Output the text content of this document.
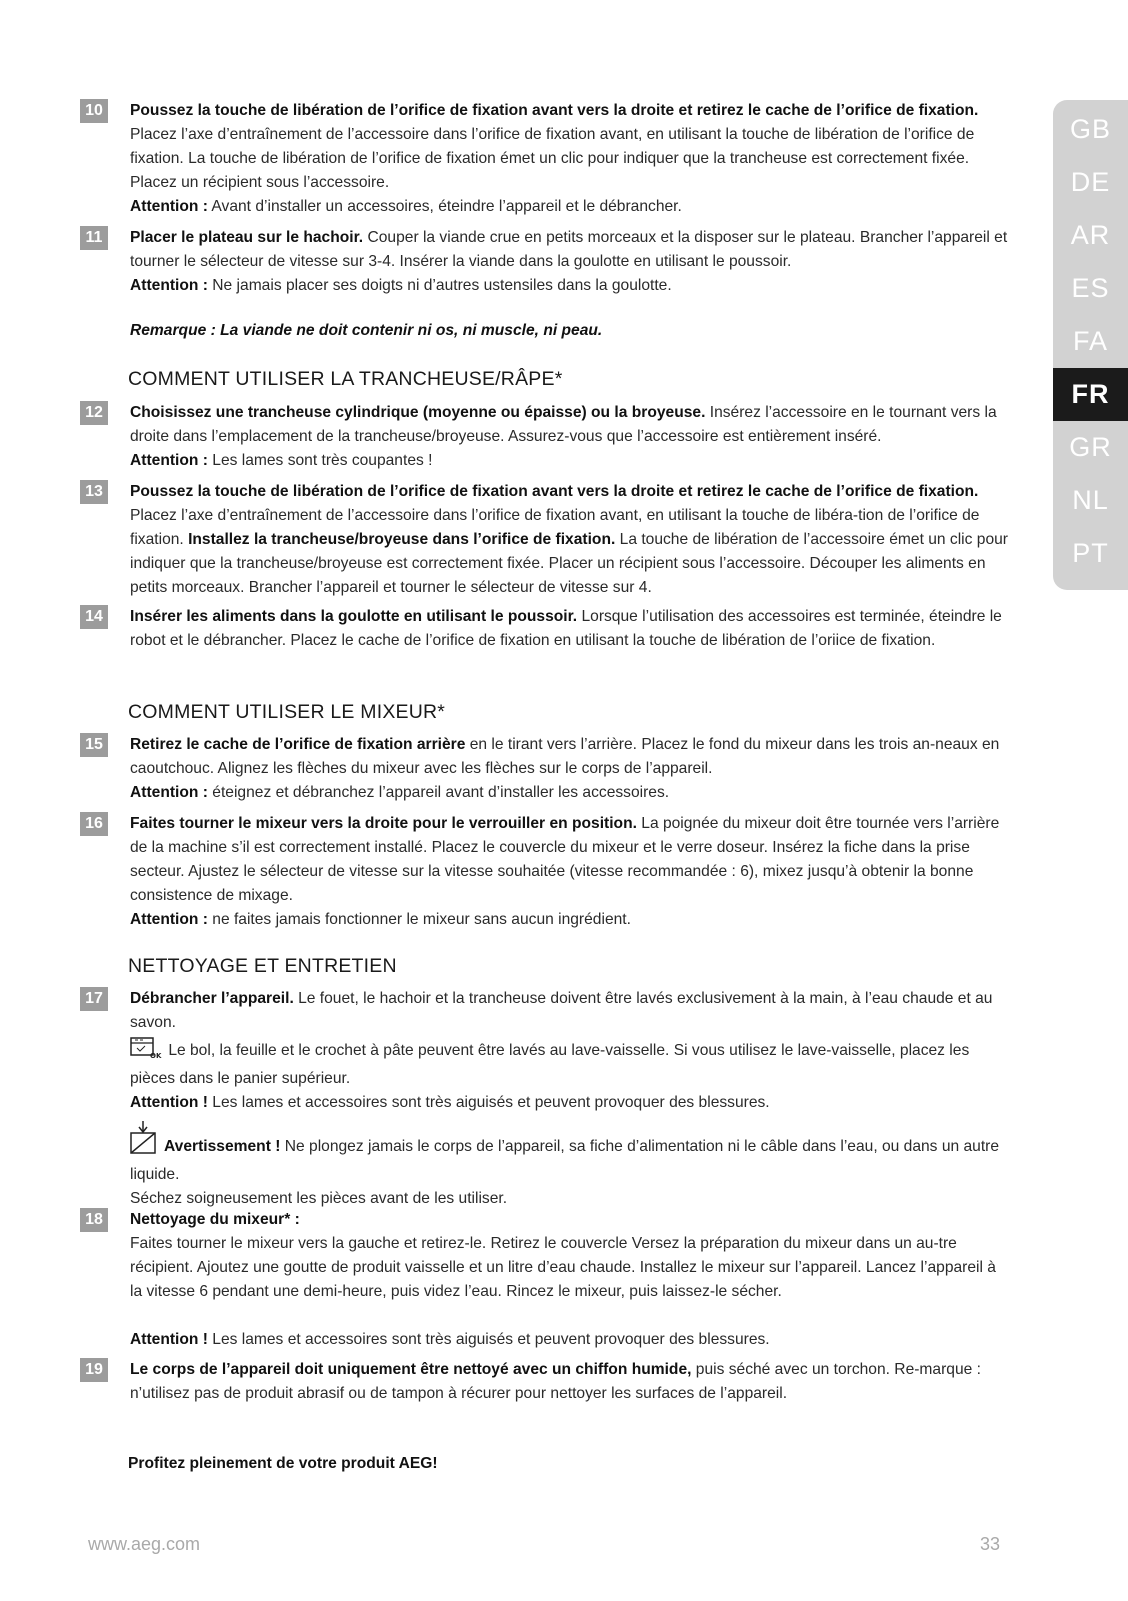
GB
DE
AR
ES
FA
FR
GR
NL
PT
10	Poussez la touche de libération de l’orifice de fixation avant vers la droite et retirez le cache de l’orifice de fixation. Placez l’axe d’entraînement de l’accessoire dans l’orifice de fixation avant, en utilisant la touche de libération de l’orifice de fixation. La touche de libération de l’orifice de fixation émet un clic pour indiquer que la trancheuse est correctement fixée. Placez un récipient sous l’accessoire.

Attention : Avant d’installer un accessoires, éteindre l’appareil et le débrancher.

11	Placer le plateau sur le hachoir. Couper la viande crue en petits morceaux et la disposer sur le plateau. Brancher l’appareil et tourner le sélecteur de vitesse sur 3-4. Insérer la viande dans la goulotte en utilisant le poussoir.

Attention : Ne jamais placer ses doigts ni d’autres ustensiles dans la goulotte.

Remarque : La viande ne doit contenir ni os, ni muscle, ni peau.
COMMENT UTILISER LA TRANCHEUSE/RÂPE*
12	Choisissez une trancheuse cylindrique (moyenne ou épaisse) ou la broyeuse. Insérez l’accessoire en le tournant vers la droite dans l’emplacement de la trancheuse/broyeuse. Assurez-vous que l’accessoire est entièrement inséré.

Attention : Les lames sont très coupantes !

13	Poussez la touche de libération de l’orifice de fixation avant vers la droite et retirez le cache de l’orifice de fixation. Placez l’axe d’entraînement de l’accessoire dans l’orifice de fixation avant, en utilisant la touche de libéra-tion de l’orifice de fixation. Installez la trancheuse/broyeuse dans l’orifice de fixation. La touche de libération de l’accessoire émet un clic pour indiquer que la trancheuse/broyeuse est correctement fixée. Placer un récipient sous l’accessoire. Découper les aliments en petits morceaux. Brancher l’appareil et tourner le sélecteur de vitesse sur 4.

14	Insérer les aliments dans la goulotte en utilisant le poussoir. Lorsque l’utilisation des accessoires est terminée, éteindre le robot et le débrancher. Placez le cache de l’orifice de fixation en utilisant la touche de libération de l’oriice de fixation.

COMMENT UTILISER LE MIXEUR*
15	Retirez le cache de l’orifice de fixation arrière en le tirant vers l’arrière. Placez le fond du mixeur dans les trois an-neaux en caoutchouc. Alignez les flèches du mixeur avec les flèches sur le corps de l’appareil.

Attention : éteignez et débranchez l’appareil avant d’installer les accessoires.

16	Faites tourner le mixeur vers la droite pour le verrouiller en position. La poignée du mixeur doit être tournée vers l’arrière de la machine s’il est correctement installé. Placez le couvercle du mixeur et le verre doseur. Insérez la fiche dans la prise secteur. Ajustez le sélecteur de vitesse sur la vitesse souhaitée (vitesse recommandée : 6), mixez jusqu’à obtenir la bonne consistence de mixage.

Attention : ne faites jamais fonctionner le mixeur sans aucun ingrédient.

NETTOYAGE ET ENTRETIEN
17	Débrancher l’appareil. Le fouet, le hachoir et la trancheuse doivent être lavés exclusivement à la main, à l’eau chaude et au savon.

OK Le bol, la feuille et le crochet à pâte peuvent être lavés au lave-vaisselle. Si vous utilisez le lave-vaisselle, placez les pièces dans le panier supérieur.

Attention ! Les lames et accessoires sont très aiguisés et peuvent provoquer des blessures.

Avertissement ! Ne plongez jamais le corps de l’appareil, sa fiche d’alimentation ni le câble dans l’eau, ou dans un autre liquide.

Séchez soigneusement les pièces avant de les utiliser.

18	Nettoyage du mixeur* :

Faites tourner le mixeur vers la gauche et retirez-le. Retirez le couvercle Versez la préparation du mixeur dans un au-tre récipient. Ajoutez une goutte de produit vaisselle et un litre d’eau chaude. Installez le mixeur sur l’appareil. Lancez l’appareil à la vitesse 6 pendant une demi-heure, puis videz l’eau. Rincez le mixeur, puis laissez-le sécher.

Attention ! Les lames et accessoires sont très aiguisés et peuvent provoquer des blessures.

19	Le corps de l’appareil doit uniquement être nettoyé avec un chiffon humide, puis séché avec un torchon. Re-marque : n’utilisez pas de produit abrasif ou de tampon à récurer pour nettoyer les surfaces de l’appareil.

Profitez pleinement de votre produit AEG!
www.aeg.com	33
